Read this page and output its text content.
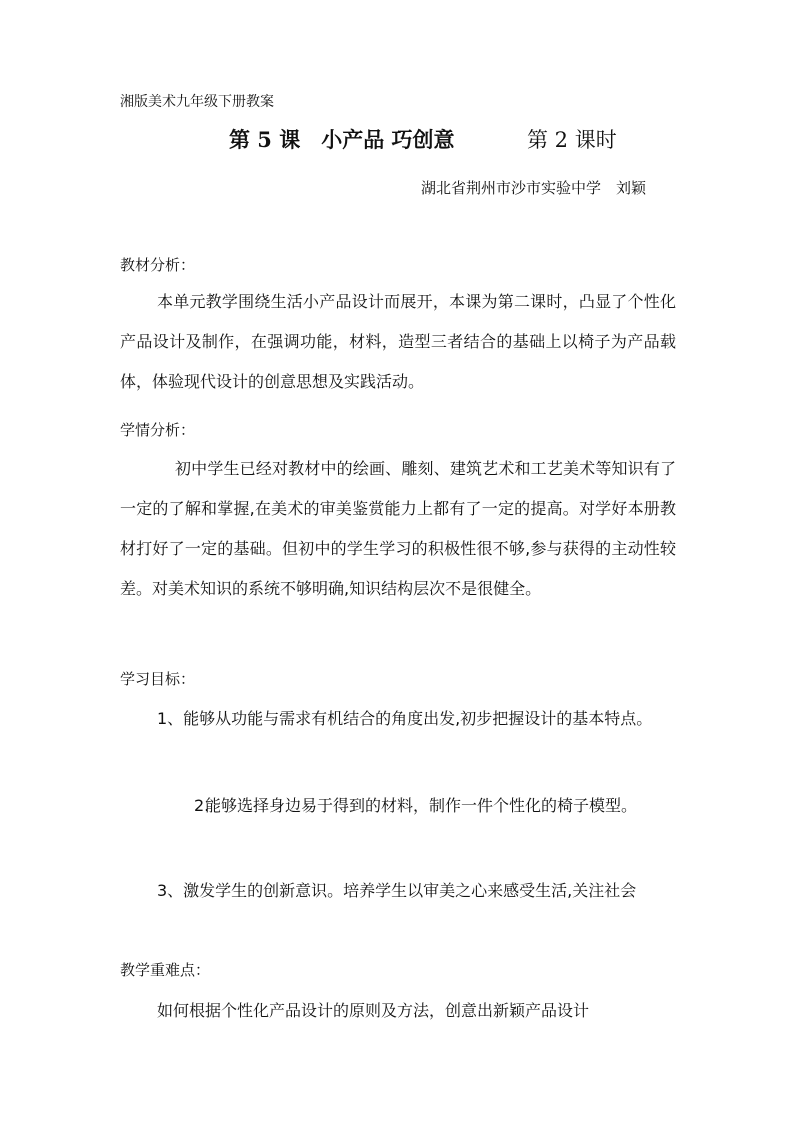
湘版美术九年级下册教案
第 5 课　小产品 巧创意	第 2 课时
湖北省荆州市沙市实验中学　刘颖
教材分析：
本单元教学围绕生活小产品设计而展开，本课为第二课时，凸显了个性化产品设计及制作，在强调功能，材料，造型三者结合的基础上以椅子为产品载体，体验现代设计的创意思想及实践活动。
学情分析：
初中学生已经对教材中的绘画、雕刻、建筑艺术和工艺美术等知识有了一定的了解和掌握,在美术的审美鉴赏能力上都有了一定的提高。对学好本册教材打好了一定的基础。但初中的学生学习的积极性很不够,参与获得的主动性较差。对美术知识的系统不够明确,知识结构层次不是很健全。
学习目标：
1、能够从功能与需求有机结合的角度出发,初步把握设计的基本特点。
2.能够选择身边易于得到的材料，制作一件个性化的椅子模型。
3、激发学生的创新意识。培养学生以审美之心来感受生活,关注社会
教学重难点：
如何根据个性化产品设计的原则及方法，创意出新颖产品设计
